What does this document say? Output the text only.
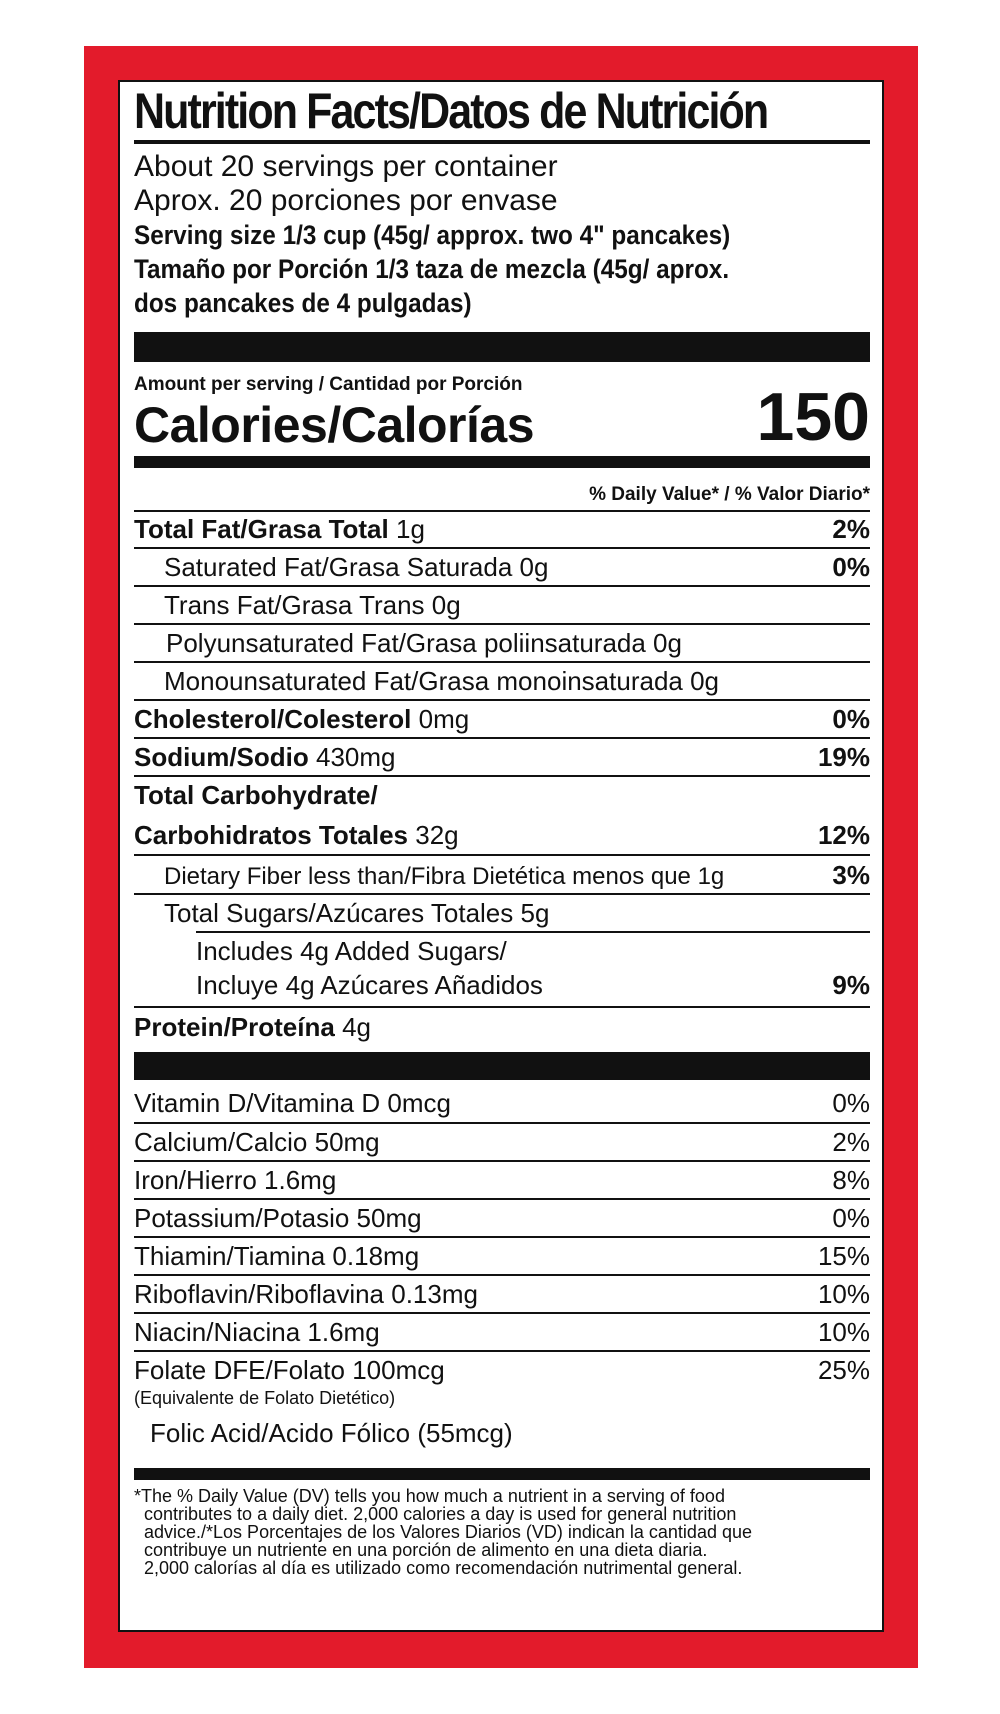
Nutrition Facts/Datos de Nutrición
About 20 servings per container
Aprox. 20 porciones por envase
Serving size 1/3 cup (45g/ approx. two 4" pancakes)
Tamaño por Porción 1/3 taza de mezcla (45g/ aprox.
dos pancakes de 4 pulgadas)
Amount per serving / Cantidad por Porción
Calories/Calorías	150
% Daily Value* / % Valor Diario*
Total Fat/Grasa Total 1g	2%
Saturated Fat/Grasa Saturada 0g	0%
Trans Fat/Grasa Trans 0g
Polyunsaturated Fat/Grasa poliinsaturada 0g
Monounsaturated Fat/Grasa monoinsaturada 0g
Cholesterol/Colesterol 0mg	0%
Sodium/Sodio 430mg	19%
Total Carbohydrate/
Carbohidratos Totales 32g	12%
Dietary Fiber less than/Fibra Dietética menos que 1g	3%
Total Sugars/Azúcares Totales 5g
Includes 4g Added Sugars/
Incluye 4g Azúcares Añadidos	9%
Protein/Proteína 4g
Vitamin D/Vitamina D 0mcg	0%
Calcium/Calcio 50mg	2%
Iron/Hierro 1.6mg	8%
Potassium/Potasio 50mg	0%
Thiamin/Tiamina 0.18mg	15%
Riboflavin/Riboflavina 0.13mg	10%
Niacin/Niacina 1.6mg	10%
Folate DFE/Folato 100mcg	25%
(Equivalente de Folato Dietético)
Folic Acid/Acido Fólico (55mcg)
*The % Daily Value (DV) tells you how much a nutrient in a serving of food
contributes to a daily diet. 2,000 calories a day is used for general nutrition
advice./*Los Porcentajes de los Valores Diarios (VD) indican la cantidad que
contribuye un nutriente en una porción de alimento en una dieta diaria.
2,000 calorías al día es utilizado como recomendación nutrimental general.
